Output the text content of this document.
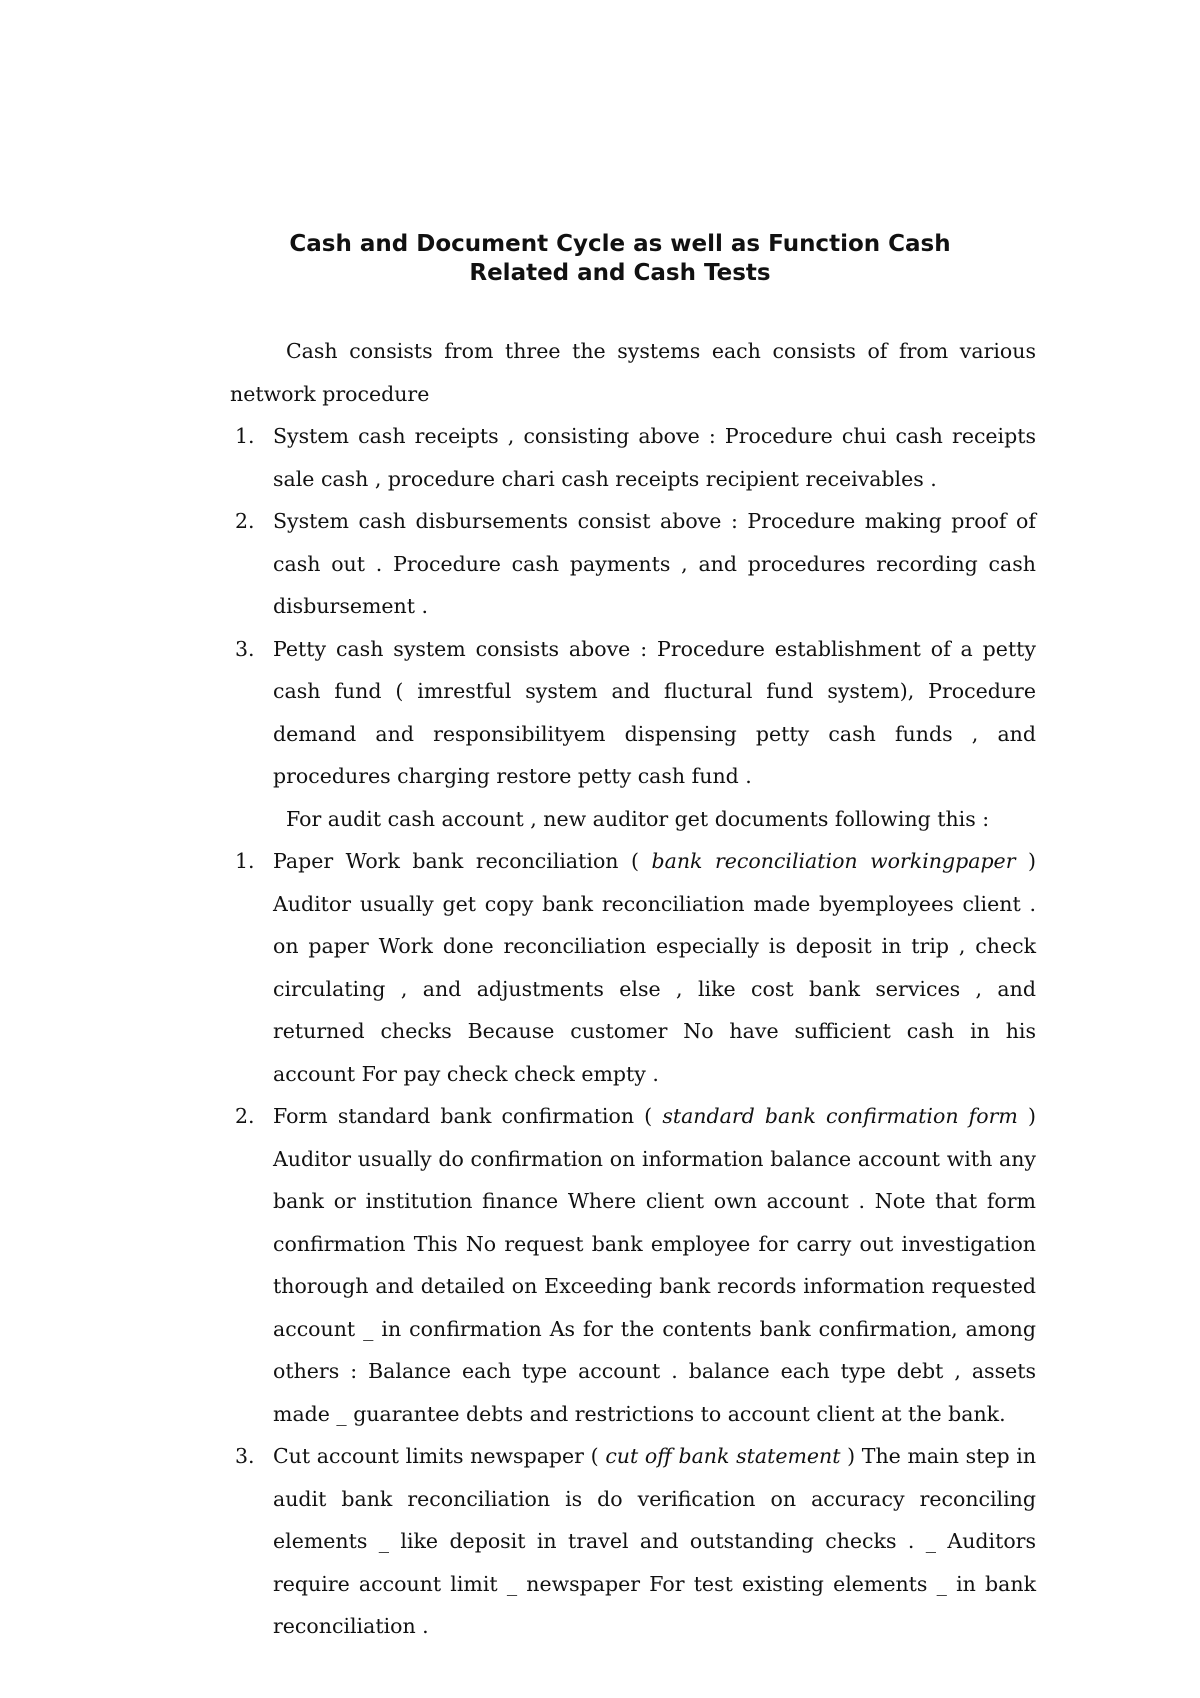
Cash and Document Cycle as well as Function Cash
Related and Cash Tests

Cash consists from three the systems each consists of from various network procedure

1. System cash receipts , consisting above : Procedure chui cash receipts sale cash , procedure chari cash receipts recipient receivables .
2. System cash disbursements consist above : Procedure making proof of cash out . Procedure cash payments , and procedures recording cash disbursement .
3. Petty cash system consists above : Procedure establishment of a petty cash fund ( imrestful system and fluctural fund system), Procedure demand and responsibilityem dispensing petty cash funds , and procedures charging restore petty cash fund .

For audit cash account , new auditor get documents following this :

1. Paper Work bank reconciliation ( bank reconciliation workingpaper ) Auditor usually get copy bank reconciliation made byemployees client . on paper Work done reconciliation especially is deposit in trip , check circulating , and adjustments else , like cost bank services , and returned checks Because customer No have sufficient cash in his account For pay check check empty .
2. Form standard bank confirmation ( standard bank confirmation form ) Auditor usually do confirmation on information balance account with any bank or institution finance Where client own account . Note that form confirmation This No request bank employee for carry out investigation thorough and detailed on Exceeding bank records information requested account _ in confirmation As for the contents bank confirmation, among others : Balance each type account . balance each type debt , assets made _ guarantee debts and restrictions to account client at the bank.
3. Cut account limits newspaper ( cut off bank statement ) The main step in audit bank reconciliation is do verification on accuracy reconciling elements _ like deposit in travel and outstanding checks . _ Auditors require account limit _ newspaper For test existing elements _ in bank reconciliation .
